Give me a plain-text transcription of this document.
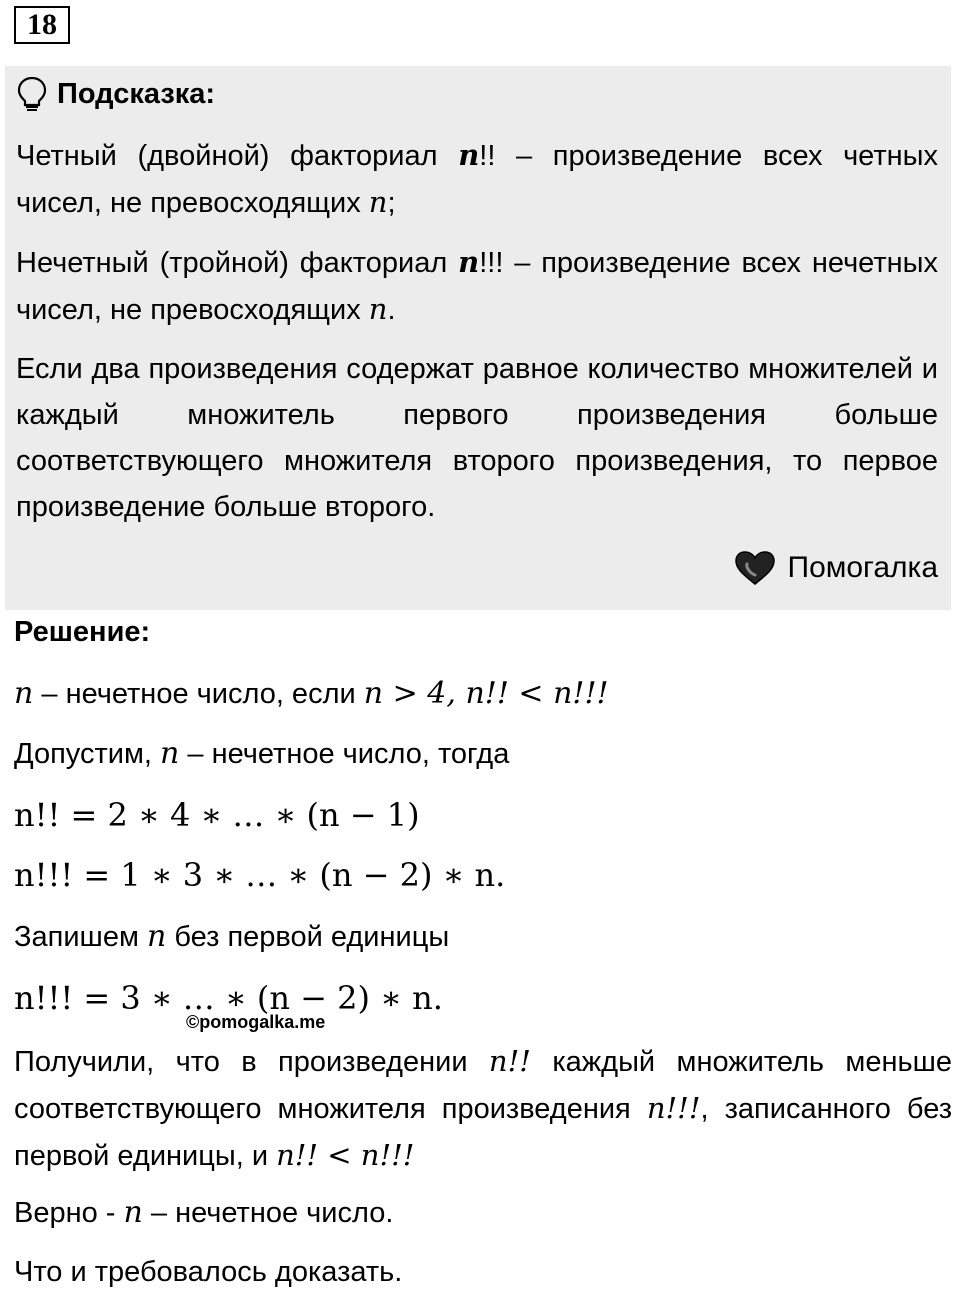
18
Подсказка:
Четный (двойной) факториал n!! – произведение всех четных чисел, не превосходящих n;
Нечетный (тройной) факториал n!!! – произведение всех нечетных чисел, не превосходящих n.
Если два произведения содержат равное количество множителей и каждый множитель первого произведения больше соответствующего множителя второго произведения, то первое произведение больше второго.
Помогалка
Решение:
n – нечетное число, если n > 4, n!! < n!!!
Допустим, n – нечетное число, тогда
n!! = 2 ∗ 4 ∗ … ∗ (n − 1)
n!!! = 1 ∗ 3 ∗ … ∗ (n − 2) ∗ n.
Запишем n без первой единицы
n!!! = 3 ∗ … ∗ (n − 2) ∗ n.
©pomogalka.me
Получили, что в произведении n!! каждый множитель меньше соответствующего множителя произведения n!!!, записанного без первой единицы, и n!! < n!!!
Верно - n – нечетное число.
Что и требовалось доказать.
